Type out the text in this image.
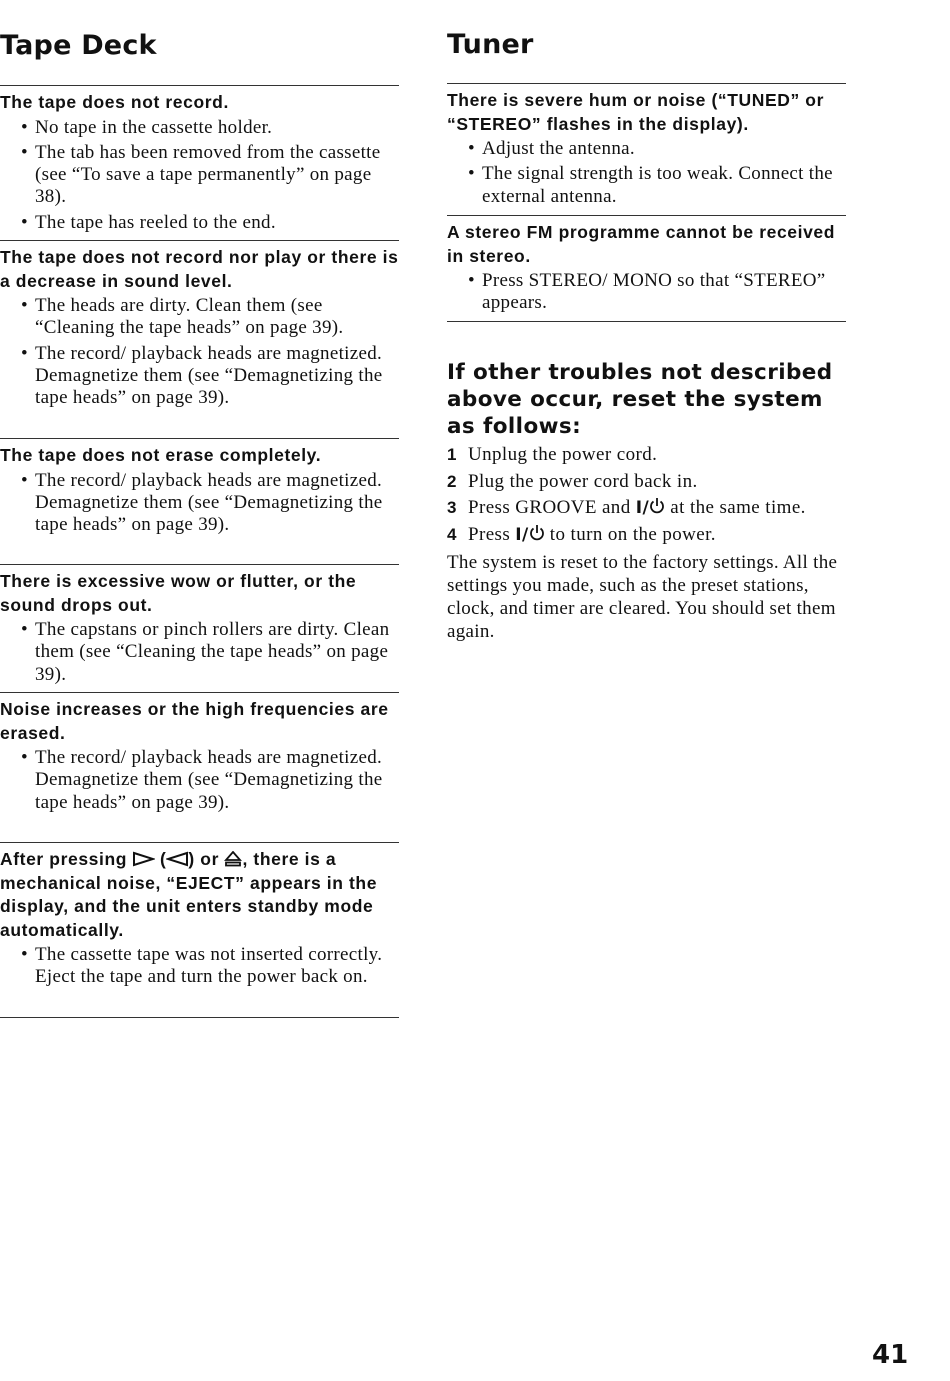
Tape Deck

The tape does not record.

• No tape in the cassette holder.
• The tab has been removed from the cassette (see “To save a tape permanently” on page 38).
• The tape has reeled to the end.

The tape does not record nor play or there is a decrease in sound level.

• The heads are dirty. Clean them (see “Cleaning the tape heads” on page 39).
• The record/ playback heads are magnetized. Demagnetize them (see “Demagnetizing the tape heads” on page 39).

The tape does not erase completely.

• The record/ playback heads are magnetized. Demagnetize them (see “Demagnetizing the tape heads” on page 39).

There is excessive wow or flutter, or the sound drops out.

• The capstans or pinch rollers are dirty. Clean them (see “Cleaning the tape heads” on page 39).

Noise increases or the high frequencies are erased.

• The record/ playback heads are magnetized. Demagnetize them (see “Demagnetizing the tape heads” on page 39).

After pressing ( ) or , there is a mechanical noise, “EJECT” appears in the display, and the unit enters standby mode automatically.

• The cassette tape was not inserted correctly. Eject the tape and turn the power back on.
Tuner

There is severe hum or noise (“TUNED” or “STEREO” flashes in the display).

• Adjust the antenna.
• The signal strength is too weak. Connect the external antenna.

A stereo FM programme cannot be received in stereo.

• Press STEREO/ MONO so that “STEREO” appears.
If other troubles not described above occur, reset the system as follows:
1 Unplug the power cord.
2 Plug the power cord back in.
3 Press GROOVE and I/ at the same time.
4 Press I/ to turn on the power.

The system is reset to the factory settings. All the settings you made, such as the preset stations, clock, and timer are cleared. You should set them again.

41
